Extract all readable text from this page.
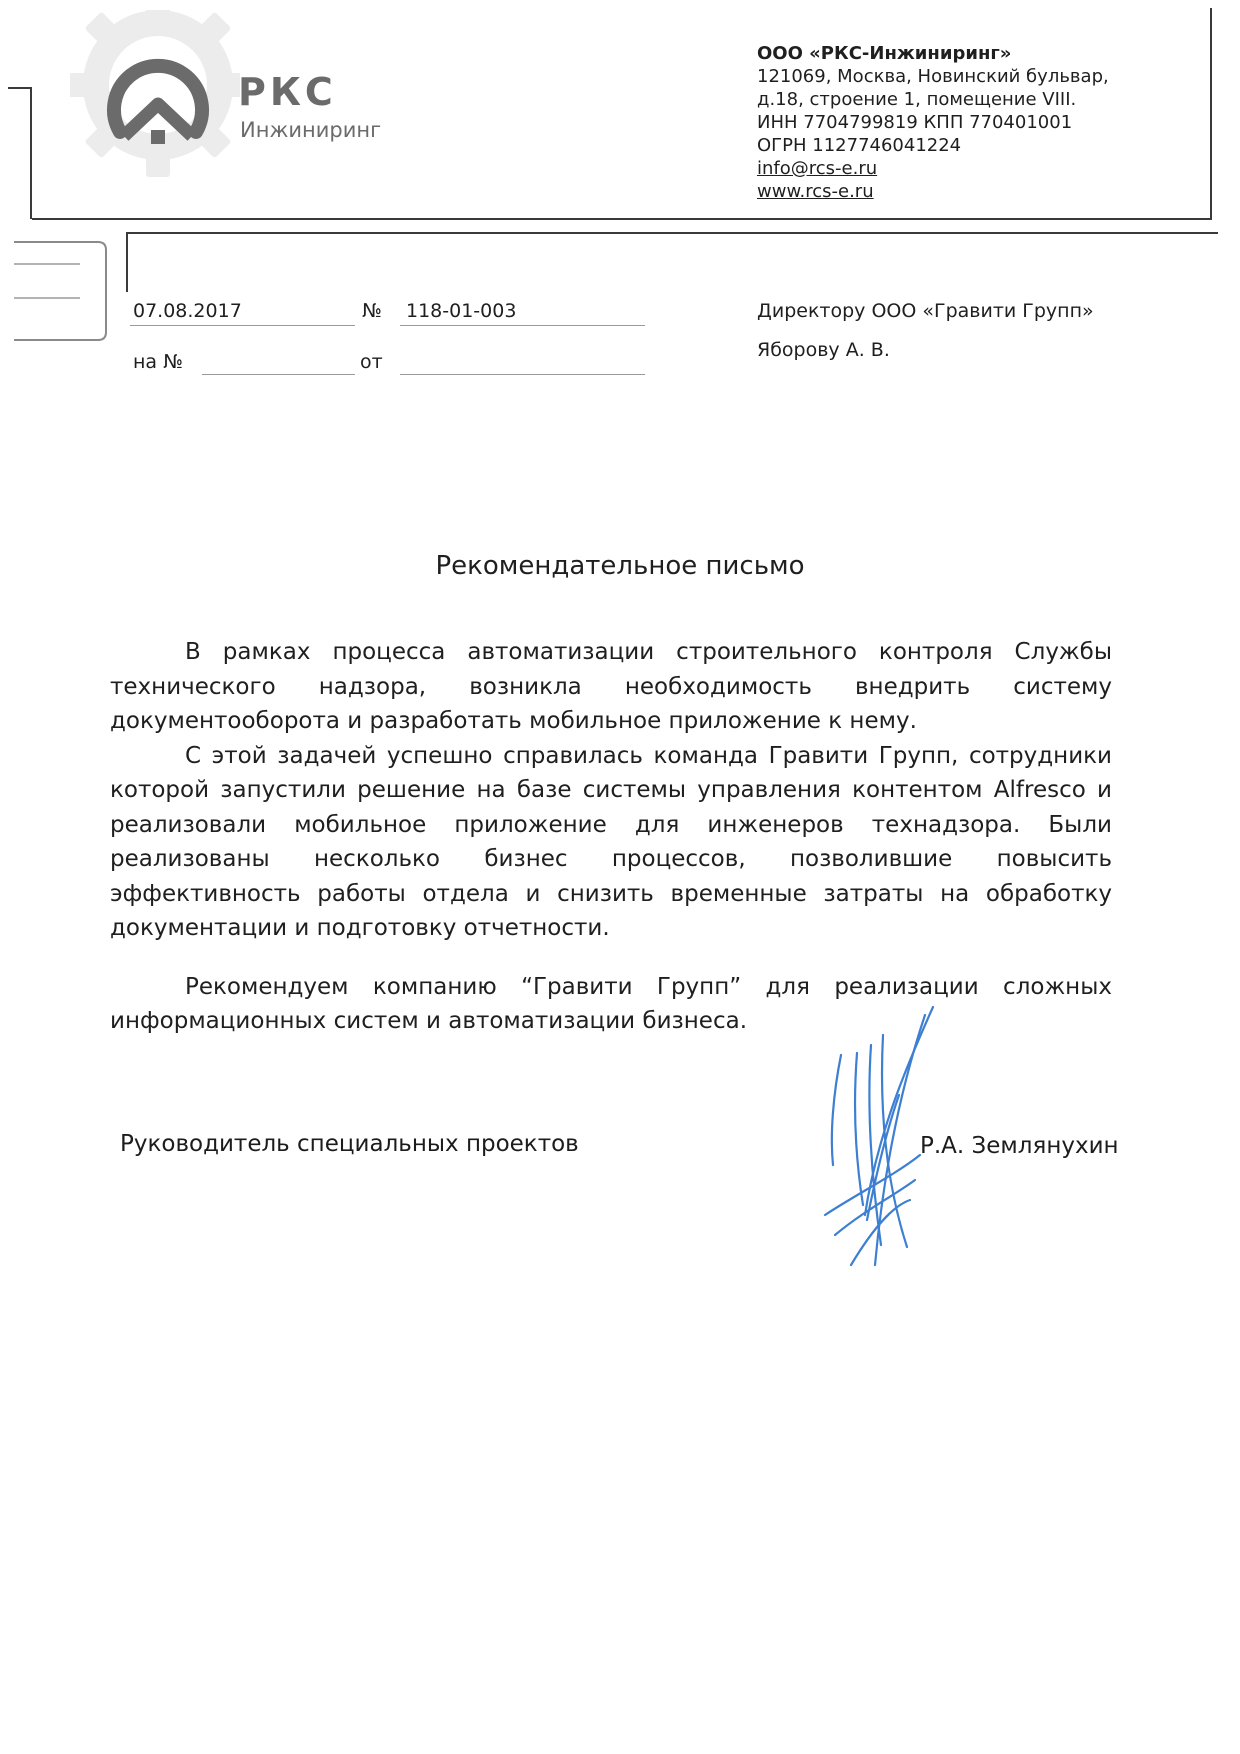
РКС
Инжиниринг
ООО «РКС-Инжиниринг»
121069, Москва, Новинский бульвар,
д.18, строение 1, помещение VIII.
ИНН 7704799819 КПП 770401001
ОГРН 1127746041224
info@rcs-e.ru
www.rcs-e.ru
07.08.2017	№ 118-01-003
на №	от
Директору ООО «Гравити Групп»
Яборову А. В.
Рекомендательное письмо

В рамках процесса автоматизации строительного контроля Службы технического надзора, возникла необходимость внедрить систему документооборота и разработать мобильное приложение к нему.

С этой задачей успешно справилась команда Гравити Групп, сотрудники которой запустили решение на базе системы управления контентом Alfresco и реализовали мобильное приложение для инженеров технадзора. Были реализованы несколько бизнес процессов, позволившие повысить эффективность работы отдела и снизить временные затраты на обработку документации и подготовку отчетности.

Рекомендуем компанию “Гравити Групп” для реализации сложных информационных систем и автоматизации бизнеса.

Руководитель специальных проектов	Р.А. Землянухин
